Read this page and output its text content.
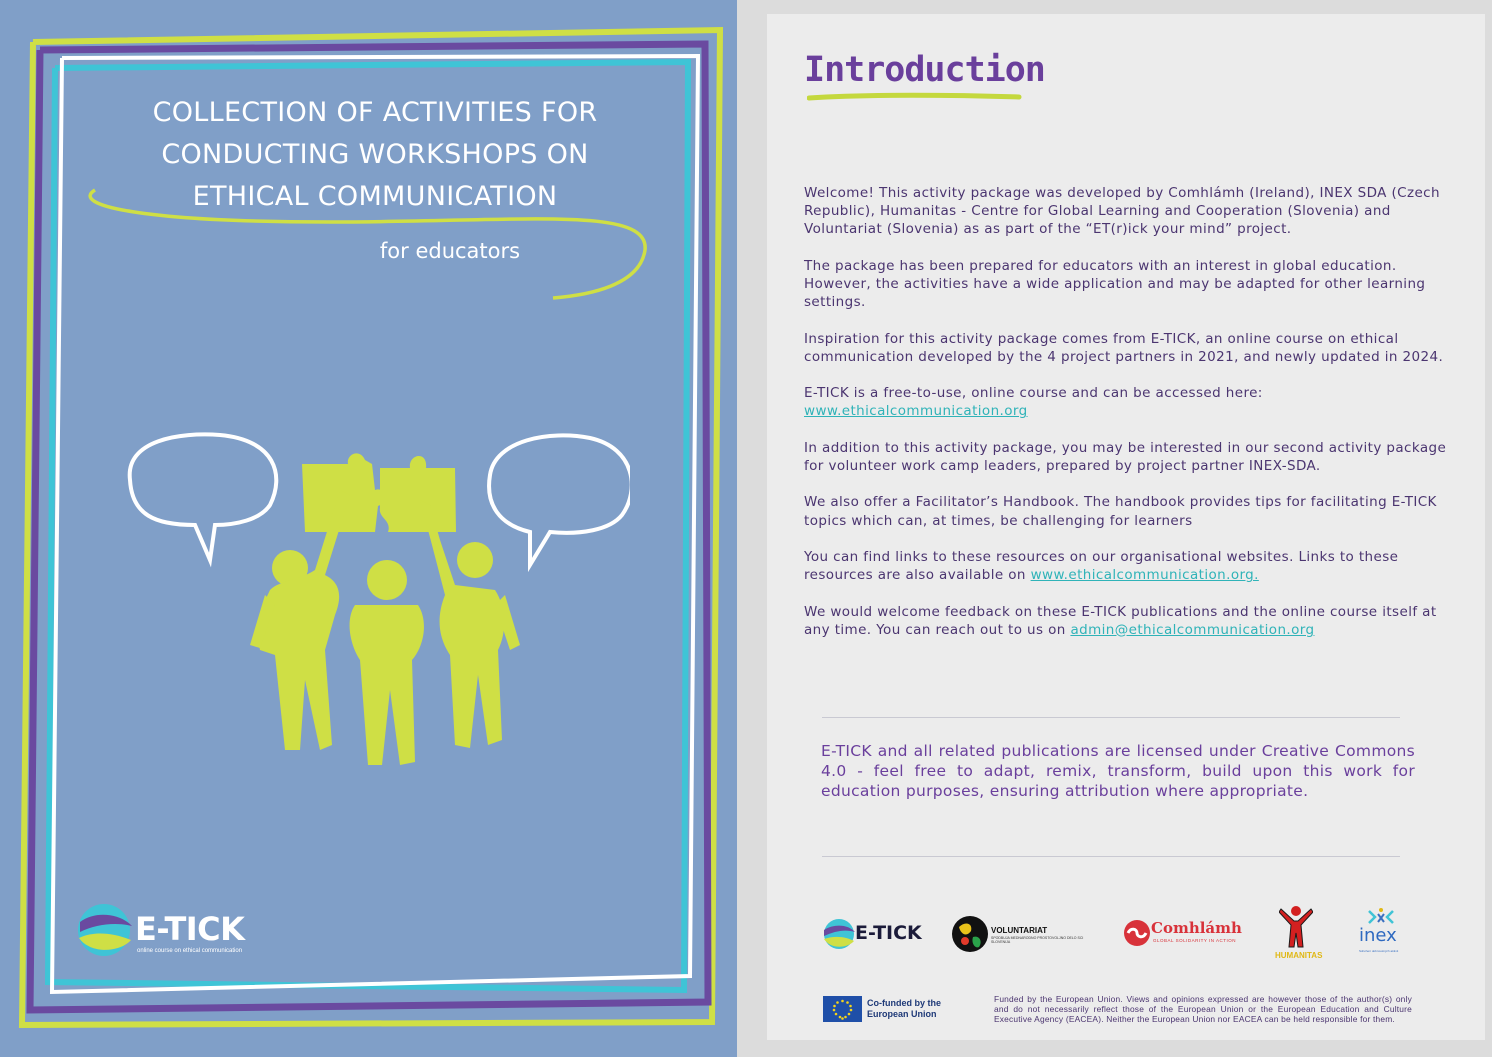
COLLECTION OF ACTIVITIES FOR
CONDUCTING WORKSHOPS ON
ETHICAL COMMUNICATION
for educators
E-TICK
online course on ethical communication
Introduction

Welcome! This activity package was developed by Comhlámh (Ireland), INEX SDA (Czech Republic), Humanitas - Centre for Global Learning and Cooperation (Slovenia) and Voluntariat (Slovenia) as as part of the “ET(r)ick your mind” project.

The package has been prepared for educators with an interest in global education. However, the activities have a wide application and may be adapted for other learning settings.

Inspiration for this activity package comes from E-TICK, an online course on ethical communication developed by the 4 project partners in 2021, and newly updated in 2024.

E-TICK is a free-to-use, online course and can be accessed here:
www.ethicalcommunication.org

In addition to this activity package, you may be interested in our second activity package for volunteer work camp leaders, prepared by project partner INEX-SDA.

We also offer a Facilitator’s Handbook. The handbook provides tips for facilitating E-TICK topics which can, at times, be challenging for learners

You can find links to these resources on our organisational websites. Links to these resources are also available on www.ethicalcommunication.org.

We would welcome feedback on these E-TICK publications and the online course itself at any time. You can reach out to us on admin@ethicalcommunication.org

E-TICK and all related publications are licensed under Creative Commons 4.0 - feel free to adapt, remix, transform, build upon this work for education purposes, ensuring attribution where appropriate.
E-TICK	VOLUNTARIAT
SPODBUJA MEDNARODNO PROSTOVOLJNO DELO SCI SLOVENIJA
Comhlámh
GLOBAL SOLIDARITY IN ACTION
HUMANITAS
inex
Sdružení dobrovolných aktivit
Co-funded by the European Union
Funded by the European Union. Views and opinions expressed are however those of the author(s) only and do not necessarily reflect those of the European Union or the European Education and Culture Executive Agency (EACEA). Neither the European Union nor EACEA can be held responsible for them.
